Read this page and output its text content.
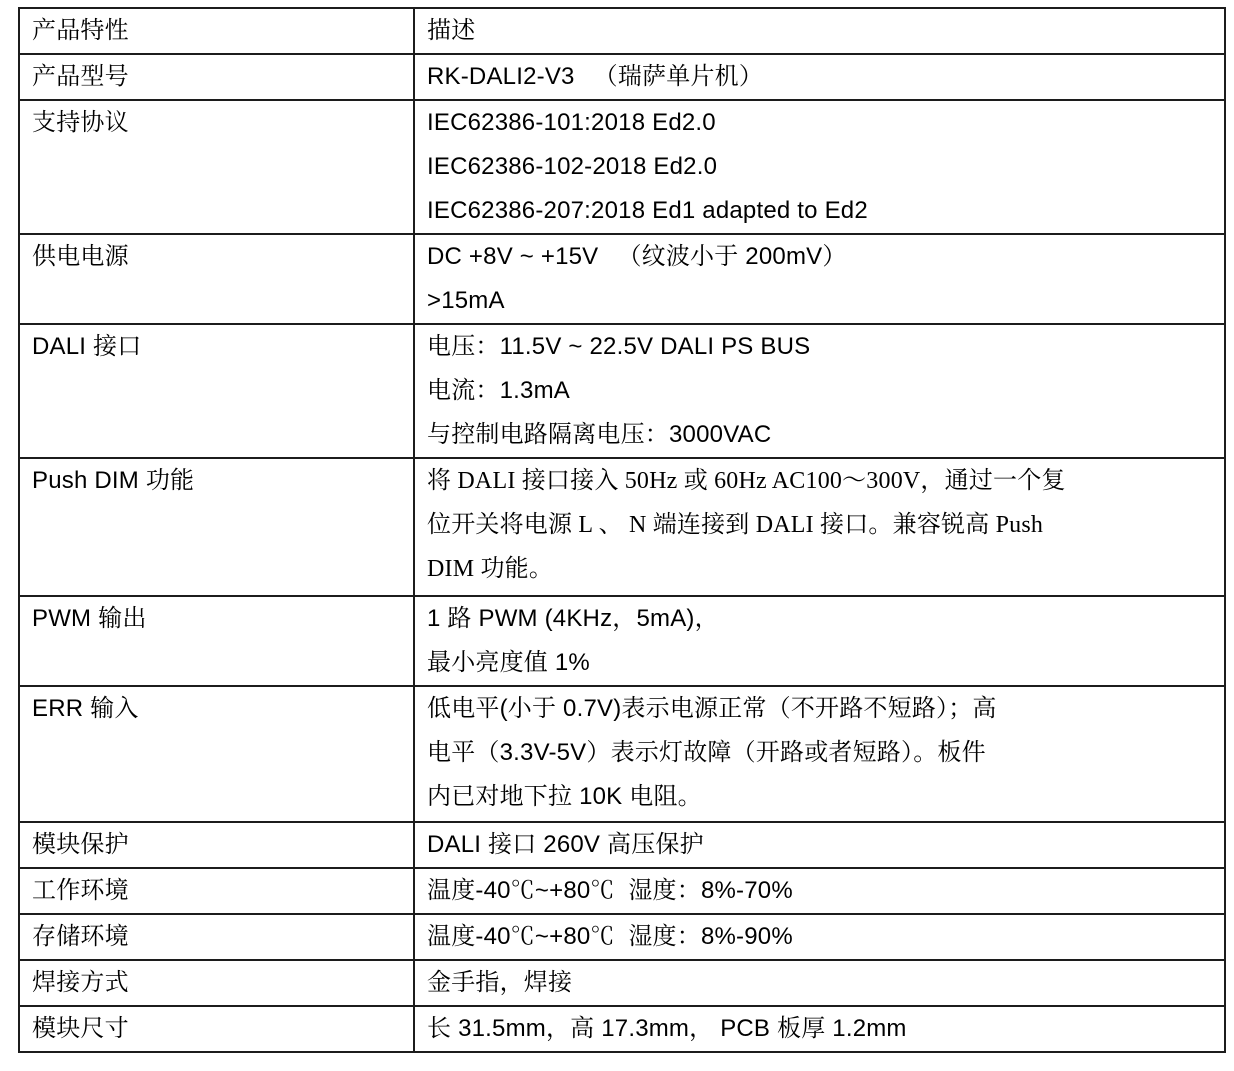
产品特性	描述
产品型号	RK-DALI2-V3 　（瑞萨单片机）

支持协议	IEC62386-101:2018 Ed2.0
IEC62386-102-2018 Ed2.0
IEC62386-207:2018 Ed1 adapted to Ed2

供电电源	DC +8V ~ +15V 　（纹波小于 200mV）
>15mA

DALI 接口	电压：11.5V ~ 22.5V DALI PS BUS
电流：1.3mA
与控制电路隔离电压：3000VAC

Push DIM 功能	将 DALI 接口接入 50Hz 或 60Hz AC100～300V，通过一个复
位开关将电源 L 、 N 端连接到 DALI 接口。兼容锐高 Push
DIM 功能。

PWM 输出	1 路 PWM (4KHz，5mA)，
最小亮度值 1%

ERR 输入	低电平(小于 0.7V)表示电源正常（不开路不短路）；高
电平（3.3V-5V）表示灯故障（开路或者短路）。板件
内已对地下拉 10K 电阻。

模块保护	DALI 接口 260V 高压保护

工作环境	温度-40℃~+80℃  湿度：8%-70%

存储环境	温度-40℃~+80℃  湿度：8%-90%

焊接方式	金手指，焊接

模块尺寸	长 31.5mm，高 17.3mm， PCB 板厚 1.2mm
